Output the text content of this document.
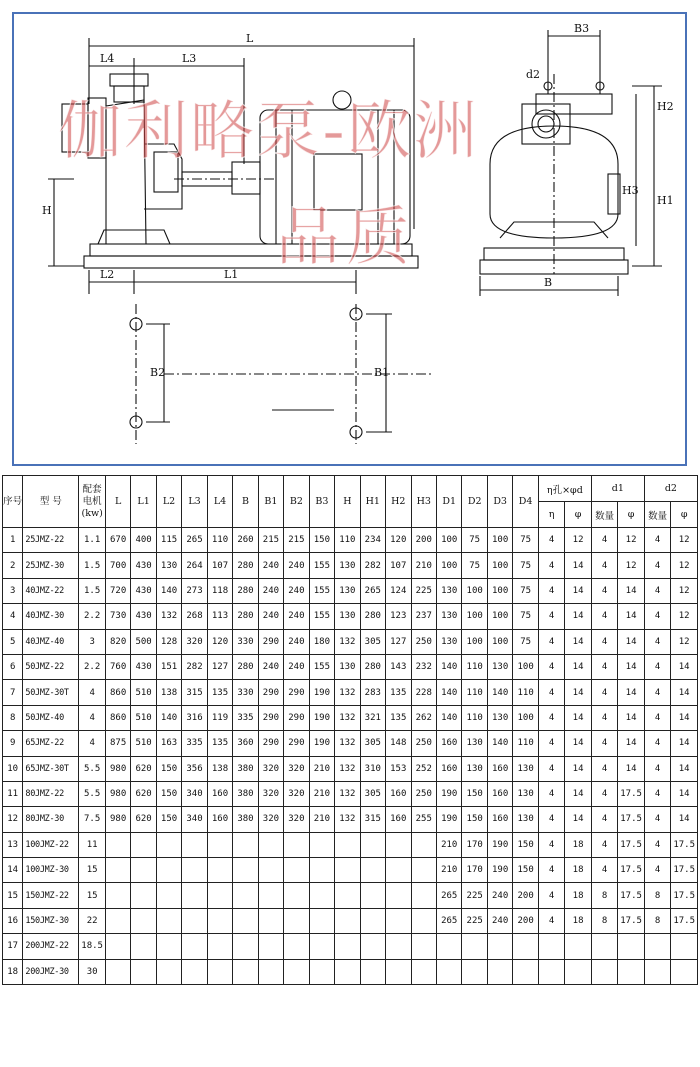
L
L4	L3
H
L2	L1
B2	B1
B3
d2
H2
H3
H1
B
伽利略泵-欧洲
品质
序号	型 号	配套电机(kw)	L	L1	L2	L3	L4	B	B1	B2	B3	H	H1	H2	H3	D1	D2	D3	D4	η孔×φd		d1		d2	
																				η	φ	数量	φ	数量	φ
1	25JMZ-22	1.1	670	400	115	265	110	260	215	215	150	110	234	120	200	100	75	100	75	4	12	4	12	4	12
2	25JMZ-30	1.5	700	430	130	264	107	280	240	240	155	130	282	107	210	100	75	100	75	4	14	4	12	4	12
3	40JMZ-22	1.5	720	430	140	273	118	280	240	240	155	130	265	124	225	130	100	100	75	4	14	4	14	4	12
4	40JMZ-30	2.2	730	430	132	268	113	280	240	240	155	130	280	123	237	130	100	100	75	4	14	4	14	4	12
5	40JMZ-40	3	820	500	128	320	120	330	290	240	180	132	305	127	250	130	100	100	75	4	14	4	14	4	12
6	50JMZ-22	2.2	760	430	151	282	127	280	240	240	155	130	280	143	232	140	110	130	100	4	14	4	14	4	14
7	50JMZ-30T	4	860	510	138	315	135	330	290	290	190	132	283	135	228	140	110	140	110	4	14	4	14	4	14
8	50JMZ-40	4	860	510	140	316	119	335	290	290	190	132	321	135	262	140	110	130	100	4	14	4	14	4	14
9	65JMZ-22	4	875	510	163	335	135	360	290	290	190	132	305	148	250	160	130	140	110	4	14	4	14	4	14
10	65JMZ-30T	5.5	980	620	150	356	138	380	320	320	210	132	310	153	252	160	130	160	130	4	14	4	14	4	14
11	80JMZ-22	5.5	980	620	150	340	160	380	320	320	210	132	305	160	250	190	150	160	130	4	14	4	17.5	4	14
12	80JMZ-30	7.5	980	620	150	340	160	380	320	320	210	132	315	160	255	190	150	160	130	4	14	4	17.5	4	14
13	100JMZ-22	11														210	170	190	150	4	18	4	17.5	4	17.5
14	100JMZ-30	15														210	170	190	150	4	18	4	17.5	4	17.5
15	150JMZ-22	15														265	225	240	200	4	18	8	17.5	8	17.5
16	150JMZ-30	22														265	225	240	200	4	18	8	17.5	8	17.5
17	200JMZ-22	18.5																							
18	200JMZ-30	30																							
